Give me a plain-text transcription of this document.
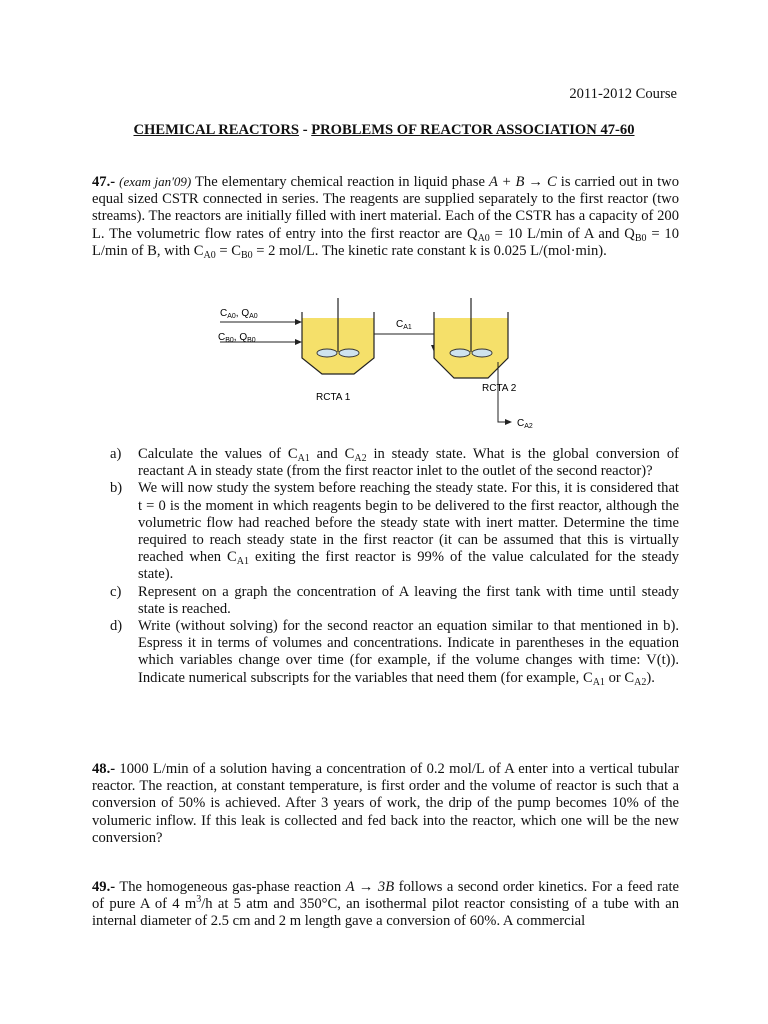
2011-2012 Course
CHEMICAL REACTORS - PROBLEMS OF REACTOR ASSOCIATION 47-60
47.- (exam jan'09) The elementary chemical reaction in liquid phase A + B → C is carried out in two equal sized CSTR connected in series. The reagents are supplied separately to the first reactor (two streams). The reactors are initially filled with inert material. Each of the CSTR has a capacity of 200 L. The volumetric flow rates of entry into the first reactor are $Q_{A0} = 10$ L/min of A and $Q_{B0} = 10$ L/min of B, with $C_{A0} = C_{B0} = 2$ mol/L. The kinetic rate constant k is 0.025 L/(mol·min).
$C_{A0}$, $Q_{A0}$
$C_{B0}$, $Q_{B0}$
$C_{A1}$
$C_{A2}$
RCTA 1
RCTA 2
a) Calculate the values of $C_{A1}$ and $C_{A2}$ in steady state. What is the global conversion of reactant A in steady state (from the first reactor inlet to the outlet of the second reactor)?
b) We will now study the system before reaching the steady state. For this, it is considered that t = 0 is the moment in which reagents begin to be delivered to the first reactor, although the volumetric flow had reached before the steady state with inert matter. Determine the time required to reach steady state in the first reactor (it can be assumed that this is virtually reached when $C_{A1}$ exiting the first reactor is 99% of the value calculated for the steady state).
c) Represent on a graph the concentration of A leaving the first tank with time until steady state is reached.
d) Write (without solving) for the second reactor an equation similar to that mentioned in b). Espress it in terms of volumes and concentrations. Indicate in parentheses in the equation which variables change over time (for example, if the volume changes with time: V(t)). Indicate numerical subscripts for the variables that need them (for example, $C_{A1}$ or $C_{A2}$).
48.- 1000 L/min of a solution having a concentration of 0.2 mol/L of A enter into a vertical tubular reactor. The reaction, at constant temperature, is first order and the volume of reactor is such that a conversion of 50% is achieved. After 3 years of work, the drip of the pump becomes 10% of the volumeric inflow. If this leak is collected and fed back into the reactor, which one will be the new conversion?
49.- The homogeneous gas-phase reaction A → 3B follows a second order kinetics. For a feed rate of pure A of 4 $m^3/h$ at 5 atm and 350°C, an isothermal pilot reactor consisting of a tube with an internal diameter of 2.5 cm and 2 m length gave a conversion of 60%. A commercial
